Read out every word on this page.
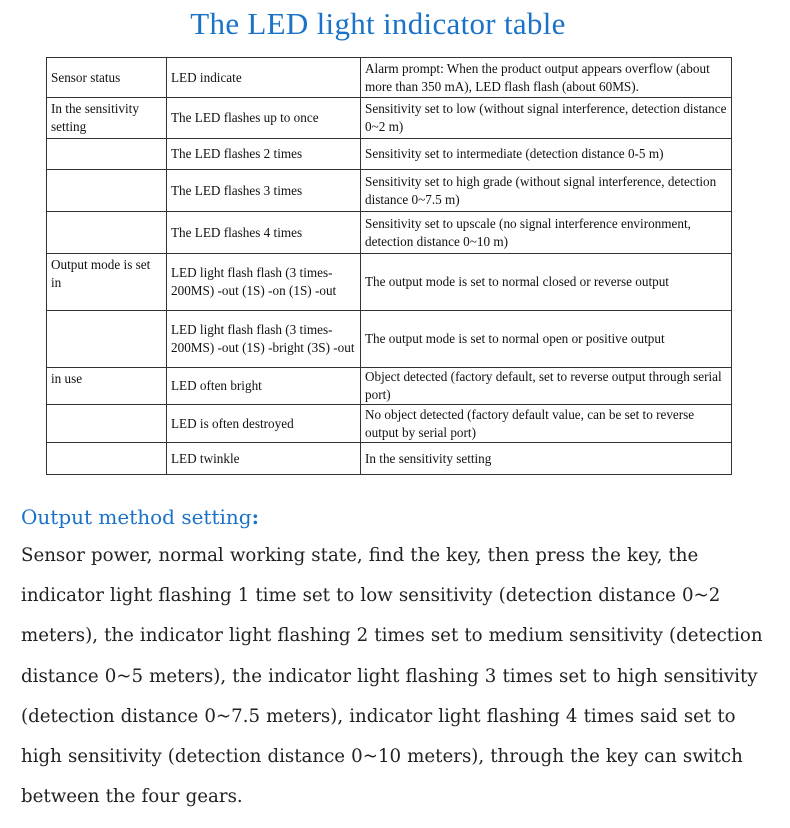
The LED light indicator table
Sensor status	LED indicate	Alarm prompt: When the product output appears overflow (about more than 350 mA), LED flash flash (about 60MS).
In the sensitivity setting	The LED flashes up to once	Sensitivity set to low (without signal interference, detection distance 0~2 m)
	The LED flashes 2 times	Sensitivity set to intermediate (detection distance 0-5 m)
	The LED flashes 3 times	Sensitivity set to high grade (without signal interference, detection distance 0~7.5 m)
	The LED flashes 4 times	Sensitivity set to upscale (no signal interference environment, detection distance 0~10 m)
Output mode is set in	LED light flash flash (3 times-200MS) -out (1S) -on (1S) -out	The output mode is set to normal closed or reverse output
	LED light flash flash (3 times-200MS) -out (1S) -bright (3S) -out	The output mode is set to normal open or positive output
in use	LED often bright	Object detected (factory default, set to reverse output through serial port)
	LED is often destroyed	No object detected (factory default value, can be set to reverse output by serial port)
	LED twinkle	In the sensitivity setting
Output method setting:

Sensor power, normal working state, find the key, then press the key, the indicator light flashing 1 time set to low sensitivity (detection distance 0~2 meters), the indicator light flashing 2 times set to medium sensitivity (detection distance 0~5 meters), the indicator light flashing 3 times set to high sensitivity (detection distance 0~7.5 meters), indicator light flashing 4 times said set to high sensitivity (detection distance 0~10 meters), through the key can switch between the four gears.
